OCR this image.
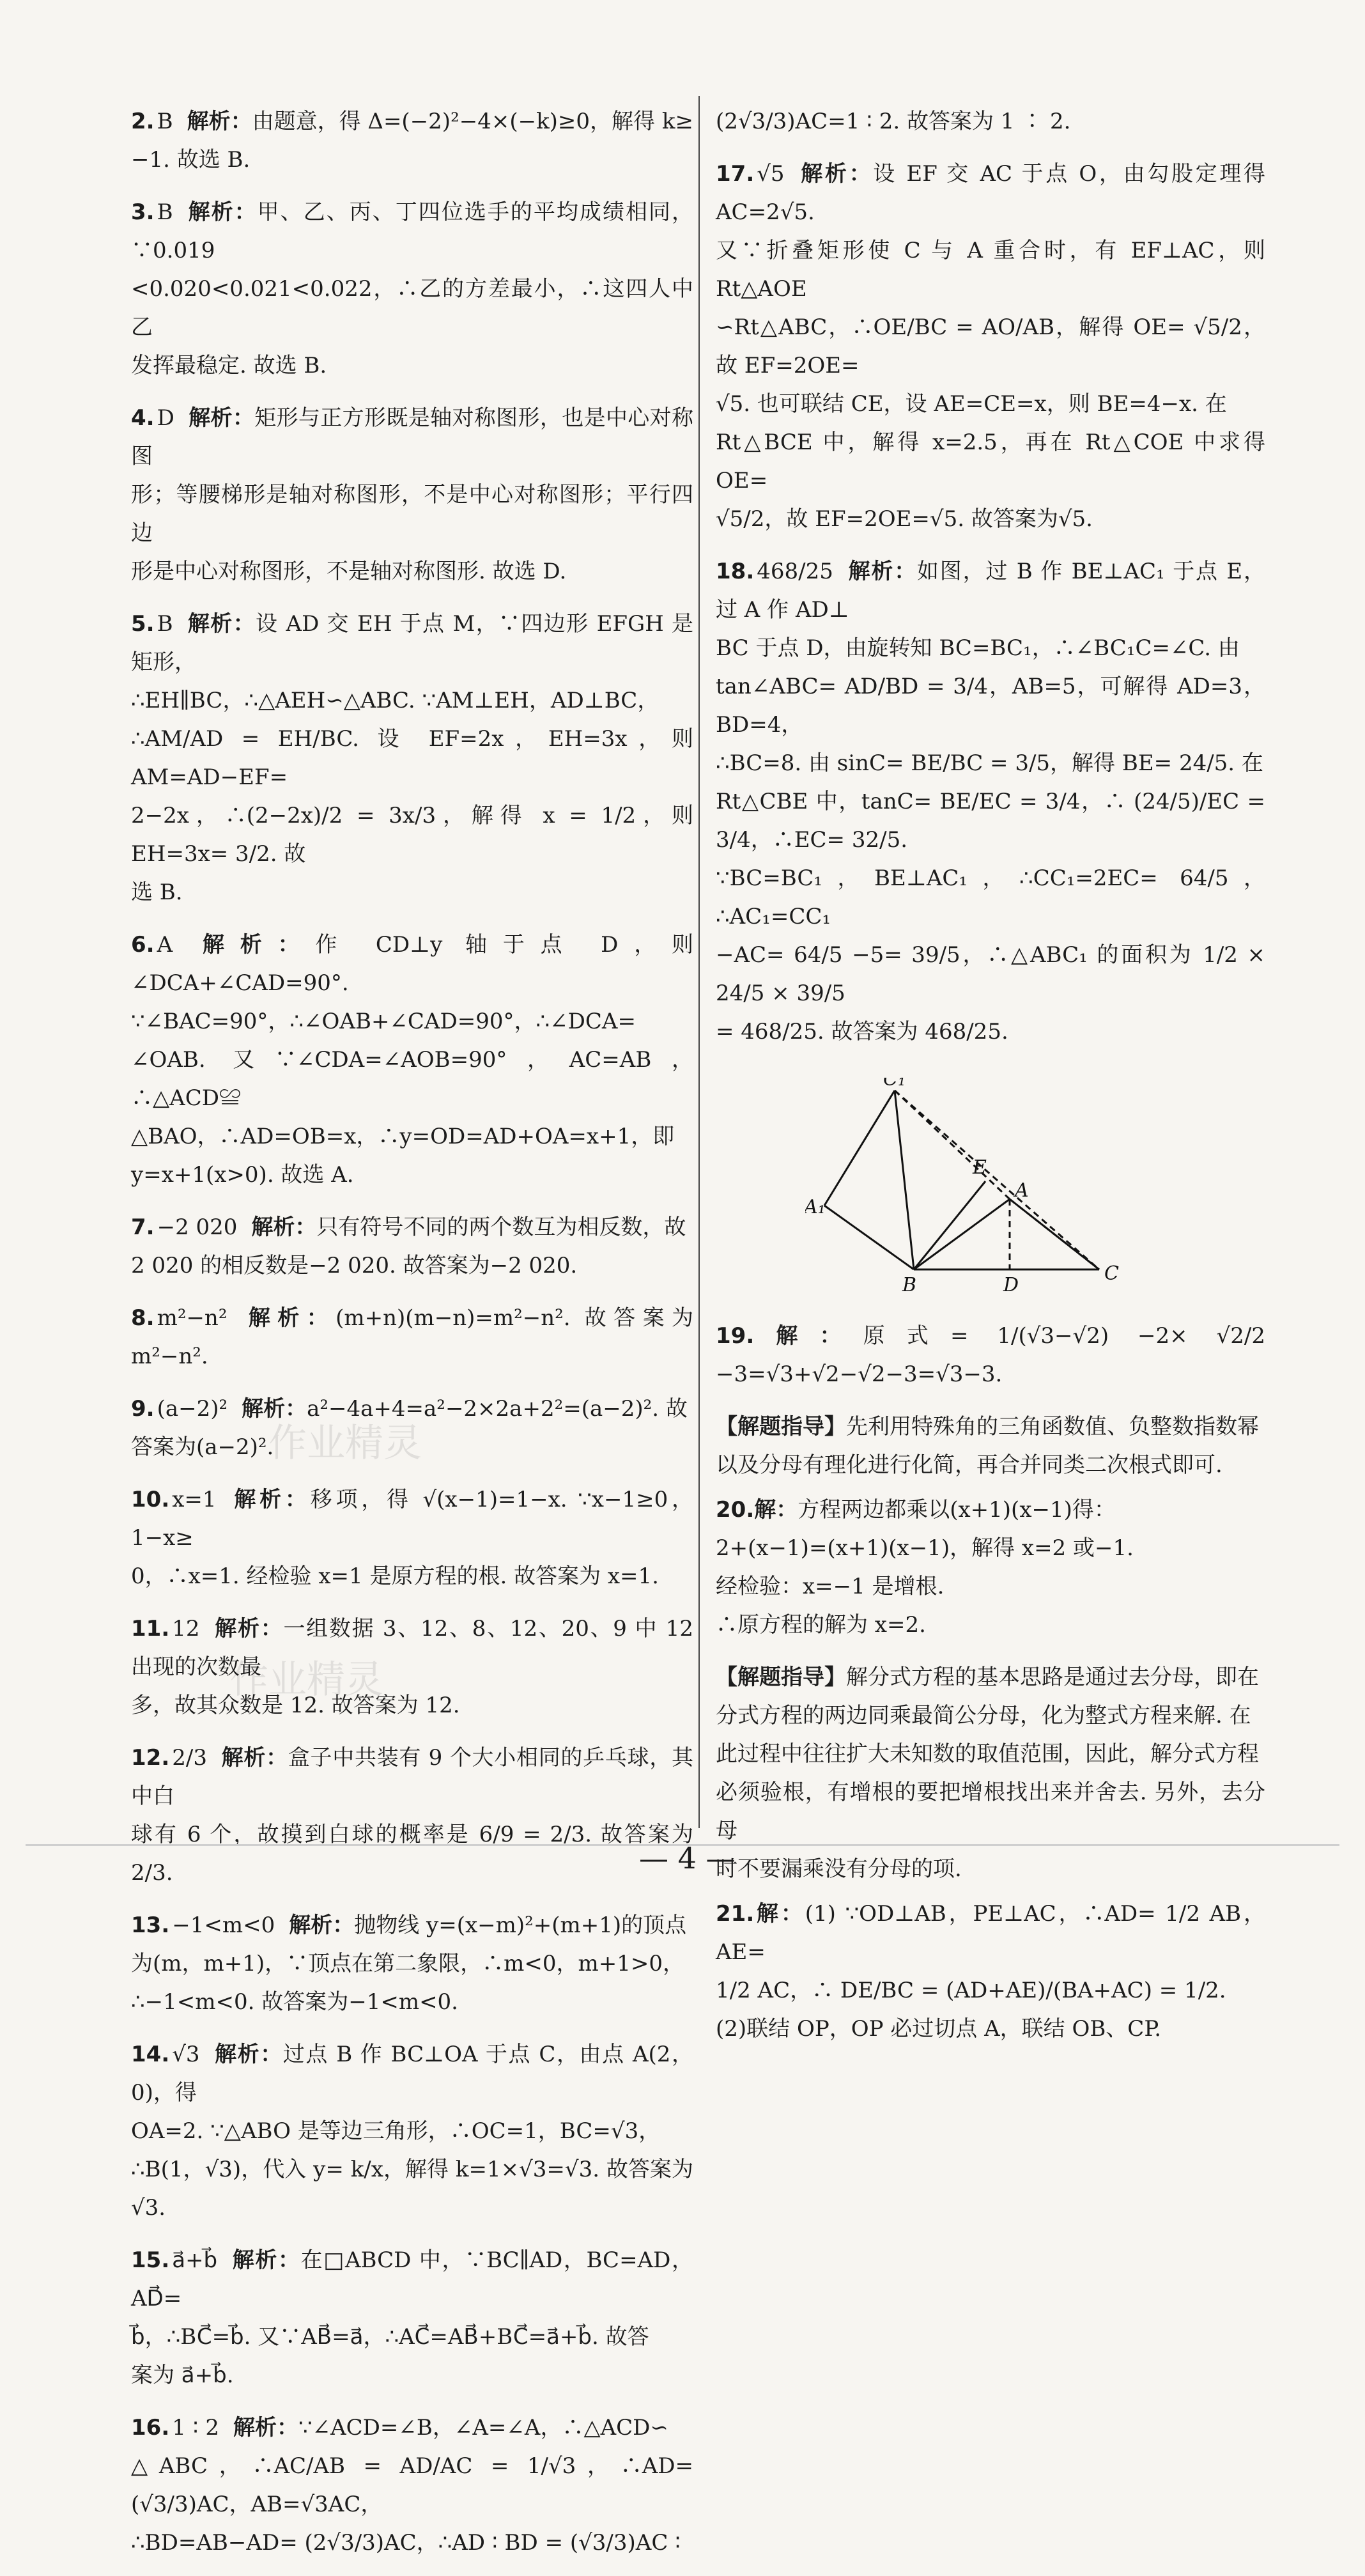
作业精灵
作业精灵
2. B 解析：由题意，得 Δ=(−2)²−4×(−k)≥0，解得 k≥
−1. 故选 B.
3. B 解析：甲、乙、丙、丁四位选手的平均成绩相同，∵0.019
<0.020<0.021<0.022，∴乙的方差最小，∴这四人中乙
发挥最稳定. 故选 B.
4. D 解析：矩形与正方形既是轴对称图形，也是中心对称图
形；等腰梯形是轴对称图形，不是中心对称图形；平行四边
形是中心对称图形，不是轴对称图形. 故选 D.
5. B 解析：设 AD 交 EH 于点 M，∵四边形 EFGH 是矩形，
∴EH∥BC，∴△AEH∽△ABC. ∵AM⊥EH，AD⊥BC，
∴AM/AD = EH/BC. 设 EF=2x，EH=3x，则 AM=AD−EF=
2−2x，∴(2−2x)/2 = 3x/3，解得 x = 1/2，则 EH=3x= 3/2. 故
选 B.
6. A 解析：作 CD⊥y 轴于点 D，则∠DCA+∠CAD=90°.
∵∠BAC=90°，∴∠OAB+∠CAD=90°，∴∠DCA=
∠OAB. 又∵∠CDA=∠AOB=90°，AC=AB，∴△ACD≌
△BAO，∴AD=OB=x，∴y=OD=AD+OA=x+1，即
y=x+1(x>0). 故选 A.
7. −2 020 解析：只有符号不同的两个数互为相反数，故
2 020 的相反数是−2 020. 故答案为−2 020.
8. m²−n² 解析：(m+n)(m−n)=m²−n². 故答案为 m²−n².
9. (a−2)² 解析：a²−4a+4=a²−2×2a+2²=(a−2)². 故
答案为(a−2)².
10. x=1 解析：移项，得 √(x−1)=1−x. ∵x−1≥0，1−x≥
0，∴x=1. 经检验 x=1 是原方程的根. 故答案为 x=1.
11. 12 解析：一组数据 3、12、8、12、20、9 中 12 出现的次数最
多，故其众数是 12. 故答案为 12.
12. 2/3 解析：盒子中共装有 9 个大小相同的乒乓球，其中白
球有 6 个，故摸到白球的概率是 6/9 = 2/3. 故答案为 2/3.
13. −1<m<0 解析：抛物线 y=(x−m)²+(m+1)的顶点
为(m，m+1)，∵顶点在第二象限，∴m<0，m+1>0，
∴−1<m<0. 故答案为−1<m<0.
14. √3 解析：过点 B 作 BC⊥OA 于点 C，由点 A(2，0)，得
OA=2. ∵△ABO 是等边三角形，∴OC=1，BC=√3，
∴B(1，√3)，代入 y= k/x，解得 k=1×√3=√3. 故答案为√3.
15. a⃗+b⃗ 解析：在□ABCD 中，∵BC∥AD，BC=AD，AD⃗=
b⃗，∴BC⃗=b⃗. 又∵AB⃗=a⃗，∴AC⃗=AB⃗+BC⃗=a⃗+b⃗. 故答
案为 a⃗+b⃗.
16. 1 ∶ 2 解析：∵∠ACD=∠B，∠A=∠A，∴△ACD∽
△ABC，∴AC/AB = AD/AC = 1/√3，∴AD= (√3/3)AC，AB=√3AC，
∴BD=AB−AD= (2√3/3)AC，∴AD ∶ BD = (√3/3)AC ∶
(2√3/3)AC=1 ∶ 2. 故答案为 1 ∶ 2.
17. √5 解析：设 EF 交 AC 于点 O，由勾股定理得 AC=2√5.
又∵折叠矩形使 C 与 A 重合时，有 EF⊥AC，则 Rt△AOE
∽Rt△ABC，∴OE/BC = AO/AB，解得 OE= √5/2，故 EF=2OE=
√5. 也可联结 CE，设 AE=CE=x，则 BE=4−x. 在
Rt△BCE 中，解得 x=2.5，再在 Rt△COE 中求得 OE=
√5/2，故 EF=2OE=√5. 故答案为√5.
18. 468/25 解析：如图，过 B 作 BE⊥AC₁ 于点 E，过 A 作 AD⊥
BC 于点 D，由旋转知 BC=BC₁，∴∠BC₁C=∠C. 由
tan∠ABC= AD/BD = 3/4，AB=5，可解得 AD=3，BD=4，
∴BC=8. 由 sinC= BE/BC = 3/5，解得 BE= 24/5. 在
Rt△CBE 中，tanC= BE/EC = 3/4，∴ (24/5)/EC = 3/4，∴EC= 32/5.
∵BC=BC₁，BE⊥AC₁，∴CC₁=2EC= 64/5，∴AC₁=CC₁
−AC= 64/5 −5= 39/5，∴△ABC₁ 的面积为 1/2 × 24/5 × 39/5
= 468/25. 故答案为 468/25.
C₁
A₁
E
A
B	D
C
19.解：原式= 1/(√3−√2) −2× √2/2 −3=√3+√2−√2−3=√3−3.
【解题指导】先利用特殊角的三角函数值、负整数指数幂
以及分母有理化进行化简，再合并同类二次根式即可.
20.解：方程两边都乘以(x+1)(x−1)得：
2+(x−1)=(x+1)(x−1)，解得 x=2 或−1.
经检验：x=−1 是增根.
∴原方程的解为 x=2.
【解题指导】解分式方程的基本思路是通过去分母，即在
分式方程的两边同乘最简公分母，化为整式方程来解. 在
此过程中往往扩大未知数的取值范围，因此，解分式方程
必须验根，有增根的要把增根找出来并舍去. 另外，去分母
时不要漏乘没有分母的项.
21.解：(1) ∵OD⊥AB，PE⊥AC，∴AD= 1/2 AB，AE=
1/2 AC，∴ DE/BC = (AD+AE)/(BA+AC) = 1/2.
(2)联结 OP，OP 必过切点 A，联结 OB、CP.
— 4 —
